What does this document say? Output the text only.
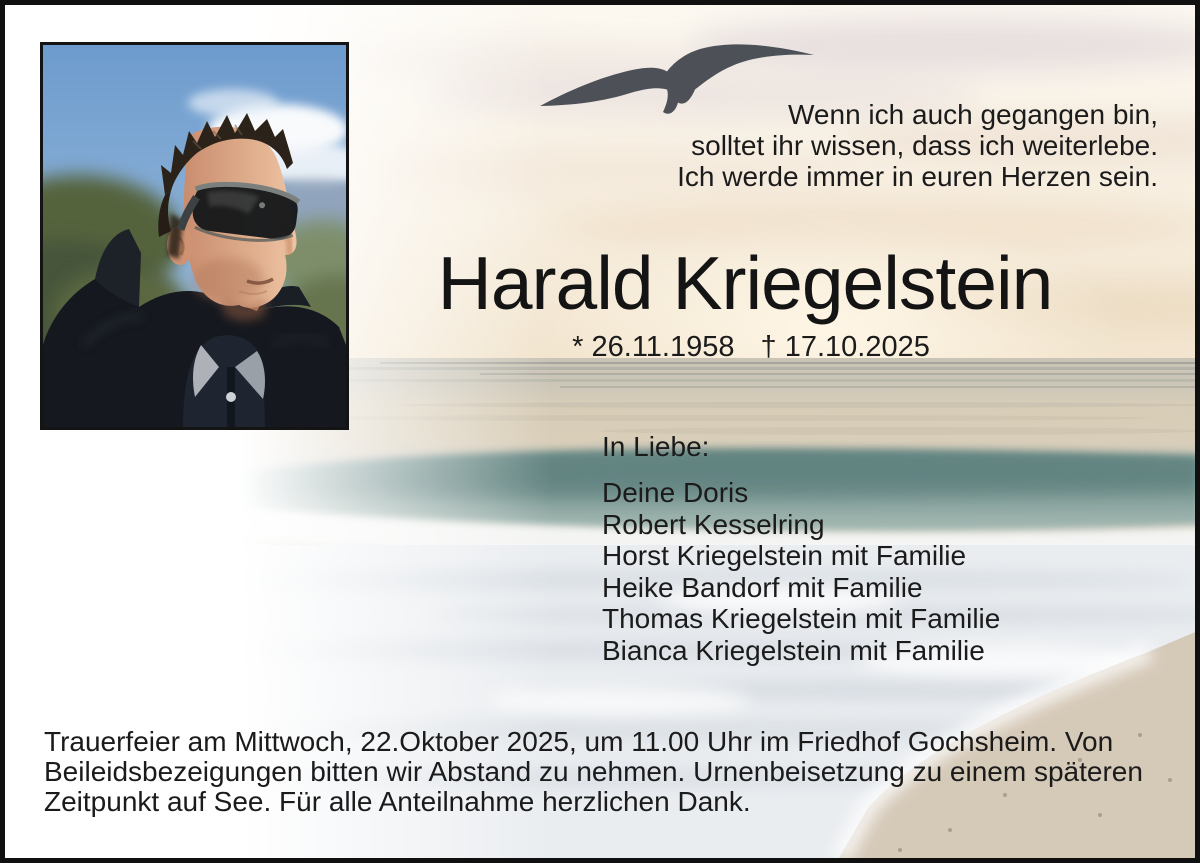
Wenn ich auch gegangen bin,
solltet ihr wissen, dass ich weiterlebe.
Ich werde immer in euren Herzen sein.
Harald Kriegelstein
* 26.11.1958 † 17.10.2025
In Liebe:
Deine Doris
Robert Kesselring
Horst Kriegelstein mit Familie
Heike Bandorf mit Familie
Thomas Kriegelstein mit Familie
Bianca Kriegelstein mit Familie
Trauerfeier am Mittwoch, 22.Oktober 2025, um 11.00 Uhr im Friedhof Gochsheim. Von
Beileidsbezeigungen bitten wir Abstand zu nehmen. Urnenbeisetzung zu einem späteren
Zeitpunkt auf See. Für alle Anteilnahme herzlichen Dank.
